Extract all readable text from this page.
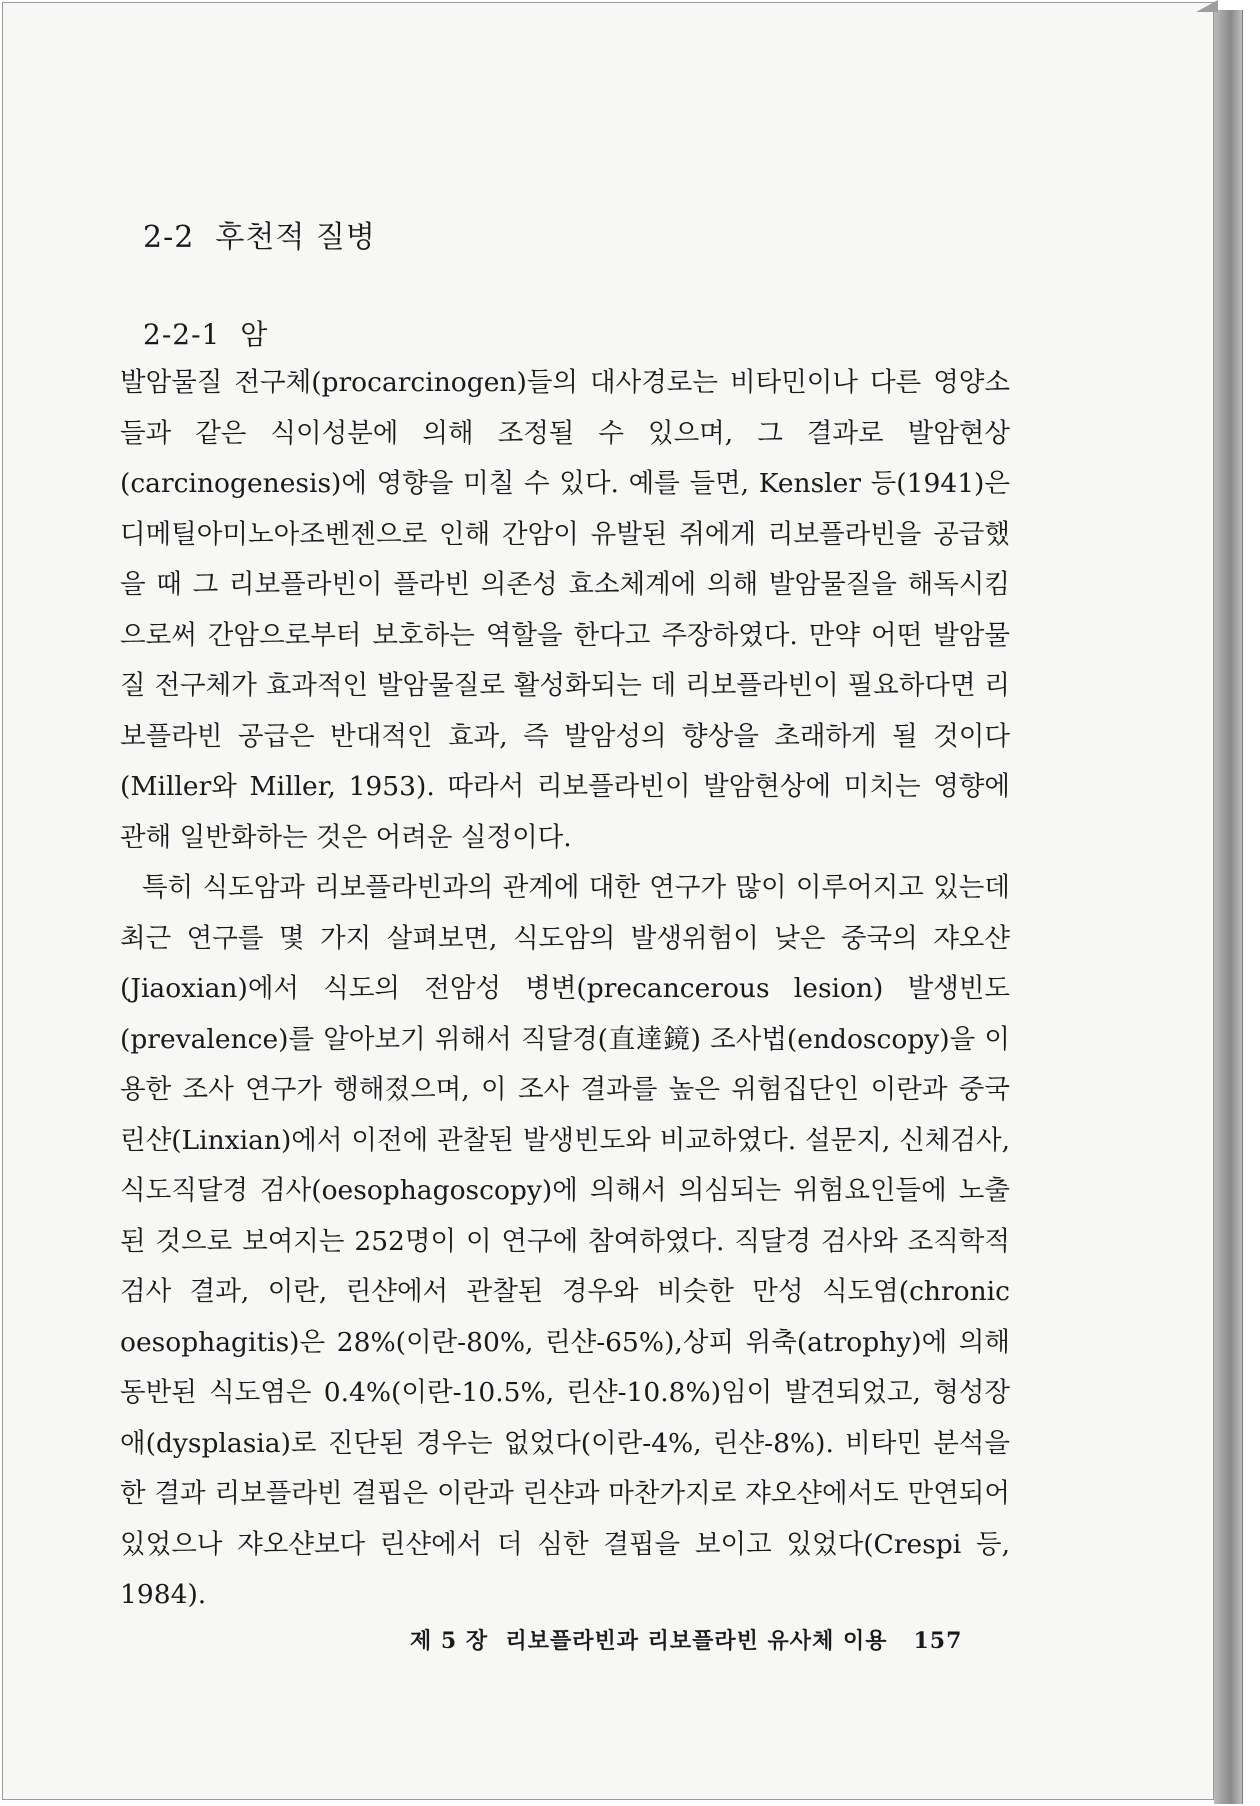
2-2 후천적 질병
2-2-1 암

발암물질 전구체(procarcinogen)들의 대사경로는 비타민이나 다른 영양소들과 같은 식이성분에 의해 조정될 수 있으며, 그 결과로 발암현상(carcinogenesis)에 영향을 미칠 수 있다. 예를 들면, Kensler 등(1941)은 디메틸아미노아조벤젠으로 인해 간암이 유발된 쥐에게 리보플라빈을 공급했을 때 그 리보플라빈이 플라빈 의존성 효소체계에 의해 발암물질을 해독시킴으로써 간암으로부터 보호하는 역할을 한다고 주장하였다. 만약 어떤 발암물질 전구체가 효과적인 발암물질로 활성화되는 데 리보플라빈이 필요하다면 리보플라빈 공급은 반대적인 효과, 즉 발암성의 향상을 초래하게 될 것이다(Miller와 Miller, 1953). 따라서 리보플라빈이 발암현상에 미치는 영향에 관해 일반화하는 것은 어려운 실정이다.

특히 식도암과 리보플라빈과의 관계에 대한 연구가 많이 이루어지고 있는데 최근 연구를 몇 가지 살펴보면, 식도암의 발생위험이 낮은 중국의 쟈오샨(Jiaoxian)에서 식도의 전암성 병변(precancerous lesion) 발생빈도(prevalence)를 알아보기 위해서 직달경(直達鏡) 조사법(endoscopy)을 이용한 조사 연구가 행해졌으며, 이 조사 결과를 높은 위험집단인 이란과 중국 린샨(Linxian)에서 이전에 관찰된 발생빈도와 비교하였다. 설문지, 신체검사, 식도직달경 검사(oesophagoscopy)에 의해서 의심되는 위험요인들에 노출된 것으로 보여지는 252명이 이 연구에 참여하였다. 직달경 검사와 조직학적 검사 결과, 이란, 린샨에서 관찰된 경우와 비슷한 만성 식도염(chronic oesophagitis)은 28%(이란-80%, 린샨-65%),상피 위축(atrophy)에 의해 동반된 식도염은 0.4%(이란-10.5%, 린샨-10.8%)임이 발견되었고, 형성장애(dysplasia)로 진단된 경우는 없었다(이란-4%, 린샨-8%). 비타민 분석을 한 결과 리보플라빈 결핍은 이란과 린샨과 마찬가지로 쟈오샨에서도 만연되어 있었으나 쟈오샨보다 린샨에서 더 심한 결핍을 보이고 있었다(Crespi 등, 1984).

제 5 장 리보플라빈과 리보플라빈 유사체 이용 157
